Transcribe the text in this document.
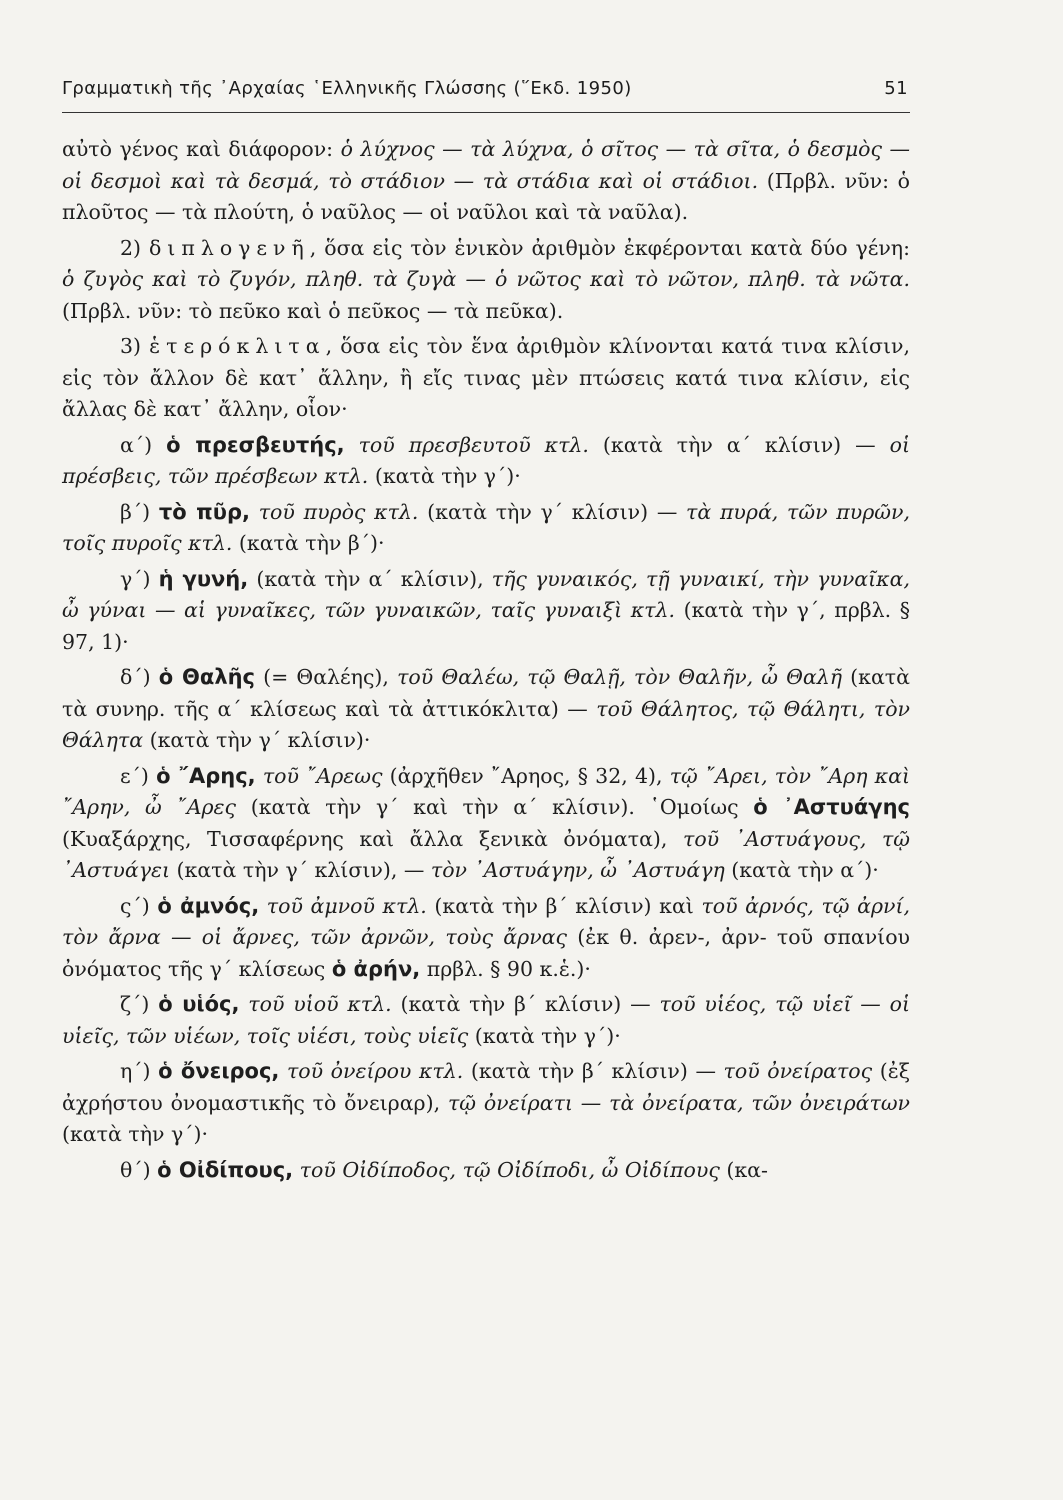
Γραμματικὴ τῆς ᾿Αρχαίας ῾Ελληνικῆς Γλώσσης (῞Εκδ. 1950)	51

αὐτὸ γένος καὶ διάφορον: ὁ λύχνος — τὰ λύχνα, ὁ σῖτος — τὰ σῖτα, ὁ δεσμὸς — οἱ δεσμοὶ καὶ τὰ δεσμά, τὸ στάδιον — τὰ στάδια καὶ οἱ στάδιοι. (Πρβλ. νῦν: ὁ πλοῦτος — τὰ πλούτη, ὁ ναῦλος — οἱ ναῦλοι καὶ τὰ ναῦλα).

2) διπλογενῆ, ὅσα εἰς τὸν ἑνικὸν ἀριθμὸν ἐκφέρονται κατὰ δύο γένη: ὁ ζυγὸς καὶ τὸ ζυγόν, πληθ. τὰ ζυγὰ — ὁ νῶτος καὶ τὸ νῶτον, πληθ. τὰ νῶτα. (Πρβλ. νῦν: τὸ πεῦκο καὶ ὁ πεῦκος — τὰ πεῦκα).

3) ἑτερόκλιτα, ὅσα εἰς τὸν ἕνα ἀριθμὸν κλίνονται κατά τινα κλίσιν, εἰς τὸν ἄλλον δὲ κατ᾿ ἄλλην, ἢ εἴς τινας μὲν πτώσεις κατά τινα κλίσιν, εἰς ἄλλας δὲ κατ᾿ ἄλλην, οἷον·

α΄) ὁ πρεσβευτής, τοῦ πρεσβευτοῦ κτλ. (κατὰ τὴν α΄ κλίσιν) — οἱ πρέσβεις, τῶν πρέσβεων κτλ. (κατὰ τὴν γ΄)·

β΄) τὸ πῦρ, τοῦ πυρὸς κτλ. (κατὰ τὴν γ΄ κλίσιν) — τὰ πυρά, τῶν πυρῶν, τοῖς πυροῖς κτλ. (κατὰ τὴν β΄)·

γ΄) ἡ γυνή, (κατὰ τὴν α΄ κλίσιν), τῆς γυναικός, τῇ γυναικί, τὴν γυναῖκα, ὦ γύναι — αἱ γυναῖκες, τῶν γυναικῶν, ταῖς γυναιξὶ κτλ. (κατὰ τὴν γ΄, πρβλ. § 97, 1)·

δ΄) ὁ Θαλῆς (= Θαλέης), τοῦ Θαλέω, τῷ Θαλῇ, τὸν Θαλῆν, ὦ Θαλῆ (κατὰ τὰ συνηρ. τῆς α΄ κλίσεως καὶ τὰ ἀττικόκλιτα) — τοῦ Θάλητος, τῷ Θάλητι, τὸν Θάλητα (κατὰ τὴν γ΄ κλίσιν)·

ε΄) ὁ ῎Αρης, τοῦ ῎Αρεως (ἀρχῆθεν ῎Αρηος, § 32, 4), τῷ ῎Αρει, τὸν ῎Αρη καὶ ῎Αρην, ὦ ῎Αρες (κατὰ τὴν γ΄ καὶ τὴν α΄ κλίσιν). ῾Ομοίως ὁ ᾿Αστυάγης (Κυαξάρχης, Τισσαφέρνης καὶ ἄλλα ξενικὰ ὀνόματα), τοῦ ᾿Αστυάγους, τῷ ᾿Αστυάγει (κατὰ τὴν γ΄ κλίσιν), — τὸν ᾿Αστυάγην, ὦ ᾿Αστυάγη (κατὰ τὴν α΄)·

ς΄) ὁ ἀμνός, τοῦ ἀμνοῦ κτλ. (κατὰ τὴν β΄ κλίσιν) καὶ τοῦ ἀρνός, τῷ ἀρνί, τὸν ἄρνα — οἱ ἄρνες, τῶν ἀρνῶν, τοὺς ἄρνας (ἐκ θ. ἀρεν-, ἀρν- τοῦ σπανίου ὀνόματος τῆς γ΄ κλίσεως ὁ ἀρήν, πρβλ. § 90 κ.ἑ.)·

ζ΄) ὁ υἱός, τοῦ υἱοῦ κτλ. (κατὰ τὴν β΄ κλίσιν) — τοῦ υἱέος, τῷ υἱεῖ — οἱ υἱεῖς, τῶν υἱέων, τοῖς υἱέσι, τοὺς υἱεῖς (κατὰ τὴν γ΄)·

η΄) ὁ ὄνειρος, τοῦ ὀνείρου κτλ. (κατὰ τὴν β΄ κλίσιν) — τοῦ ὀνείρατος (ἐξ ἀχρήστου ὀνομαστικῆς τὸ ὄνειραρ), τῷ ὀνείρατι — τὰ ὀνείρατα, τῶν ὀνειράτων (κατὰ τὴν γ΄)·

θ΄) ὁ Οἰδίπους, τοῦ Οἰδίποδος, τῷ Οἰδίποδι, ὦ Οἰδίπους (κα-
